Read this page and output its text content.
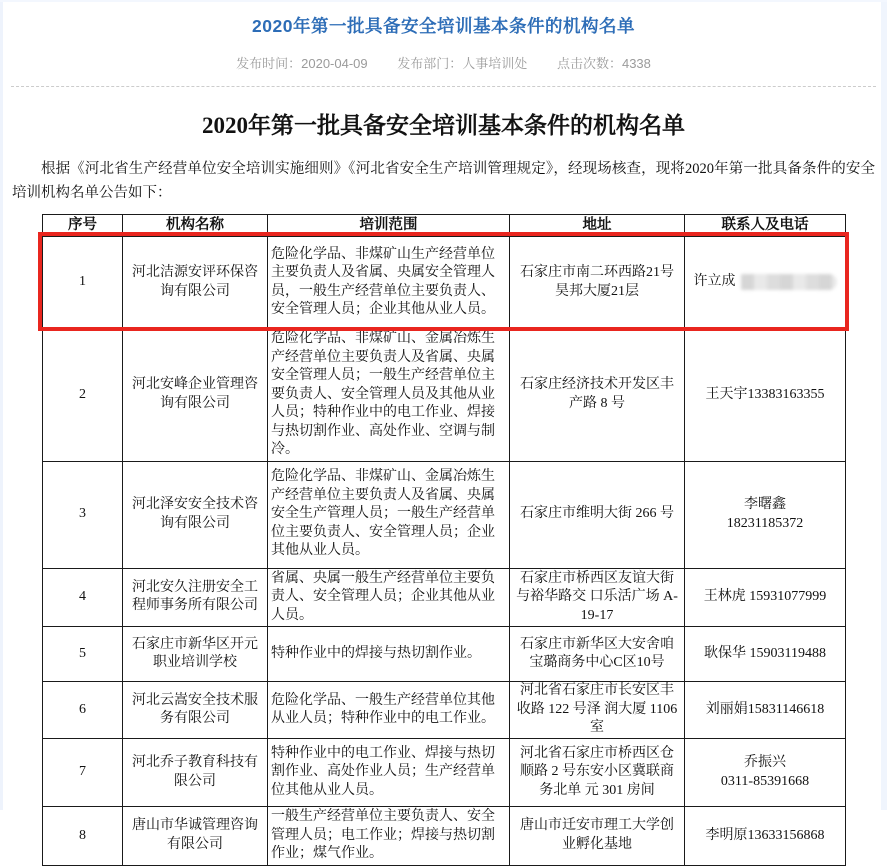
2020年第一批具备安全培训基本条件的机构名单
发布时间：2020-04-09 发布部门：人事培训处 点击次数：4338
2020年第一批具备安全培训基本条件的机构名单

根据《河北省生产经营单位安全培训实施细则》《河北省安全生产培训管理规定》，经现场核查，现将2020年第一批具备条件的安全培训机构名单公告如下：

序号	机构名称	培训范围	地址	联系人及电话
1	河北洁源安评环保咨询有限公司	危险化学品、非煤矿山生产经营单位主要负责人及省属、央属安全管理人员，一般生产经营单位主要负责人、安全管理人员；企业其他从业人员。	石家庄市南二环西路21号昊邦大厦21层	许立成
2	河北安峰企业管理咨询有限公司	危险化学品、非煤矿山、金属冶炼生产经营单位主要负责人及省属、央属安全管理人员；一般生产经营单位主要负责人、安全管理人员及其他从业人员；特种作业中的电工作业、焊接与热切割作业、高处作业、空调与制冷。	石家庄经济技术开发区丰产路 8 号	王天宇13383163355

3	河北泽安安全技术咨询有限公司	危险化学品、非煤矿山、金属冶炼生产经营单位主要负责人及省属、央属安全生产管理人员；一般生产经营单位主要负责人、安全管理人员；企业其他从业人员。	石家庄市维明大街 266 号	李曙鑫
18231185372

4	河北安久注册安全工程师事务所有限公司	省属、央属一般生产经营单位主要负责人、安全管理人员；企业其他从业人员。	石家庄市桥西区友谊大街与裕华路交 口乐活广场 A-19-17	王林虎 15931077999

5	石家庄市新华区开元职业培训学校	特种作业中的焊接与热切割作业。	石家庄市新华区大安舍咱宝璐商务中心C区10号	耿保华 15903119488

6	河北云嵩安全技术服务有限公司	危险化学品、一般生产经营单位其他从业人员；特种作业中的电工作业。	河北省石家庄市长安区丰收路 122 号泽 润大厦 1106 室	刘丽娟15831146618

7	河北乔子教育科技有限公司	特种作业中的电工作业、焊接与热切割作业、高处作业人员；生产经营单位其他从业人员。	河北省石家庄市桥西区仓顺路 2 号东安小区冀联商务北单 元 301 房间	乔振兴
0311-85391668

8	唐山市华诚管理咨询有限公司	一般生产经营单位主要负责人、安全管理人员；电工作业；焊接与热切割作业；煤气作业。	唐山市迁安市理工大学创业孵化基地	李明原13633156868
